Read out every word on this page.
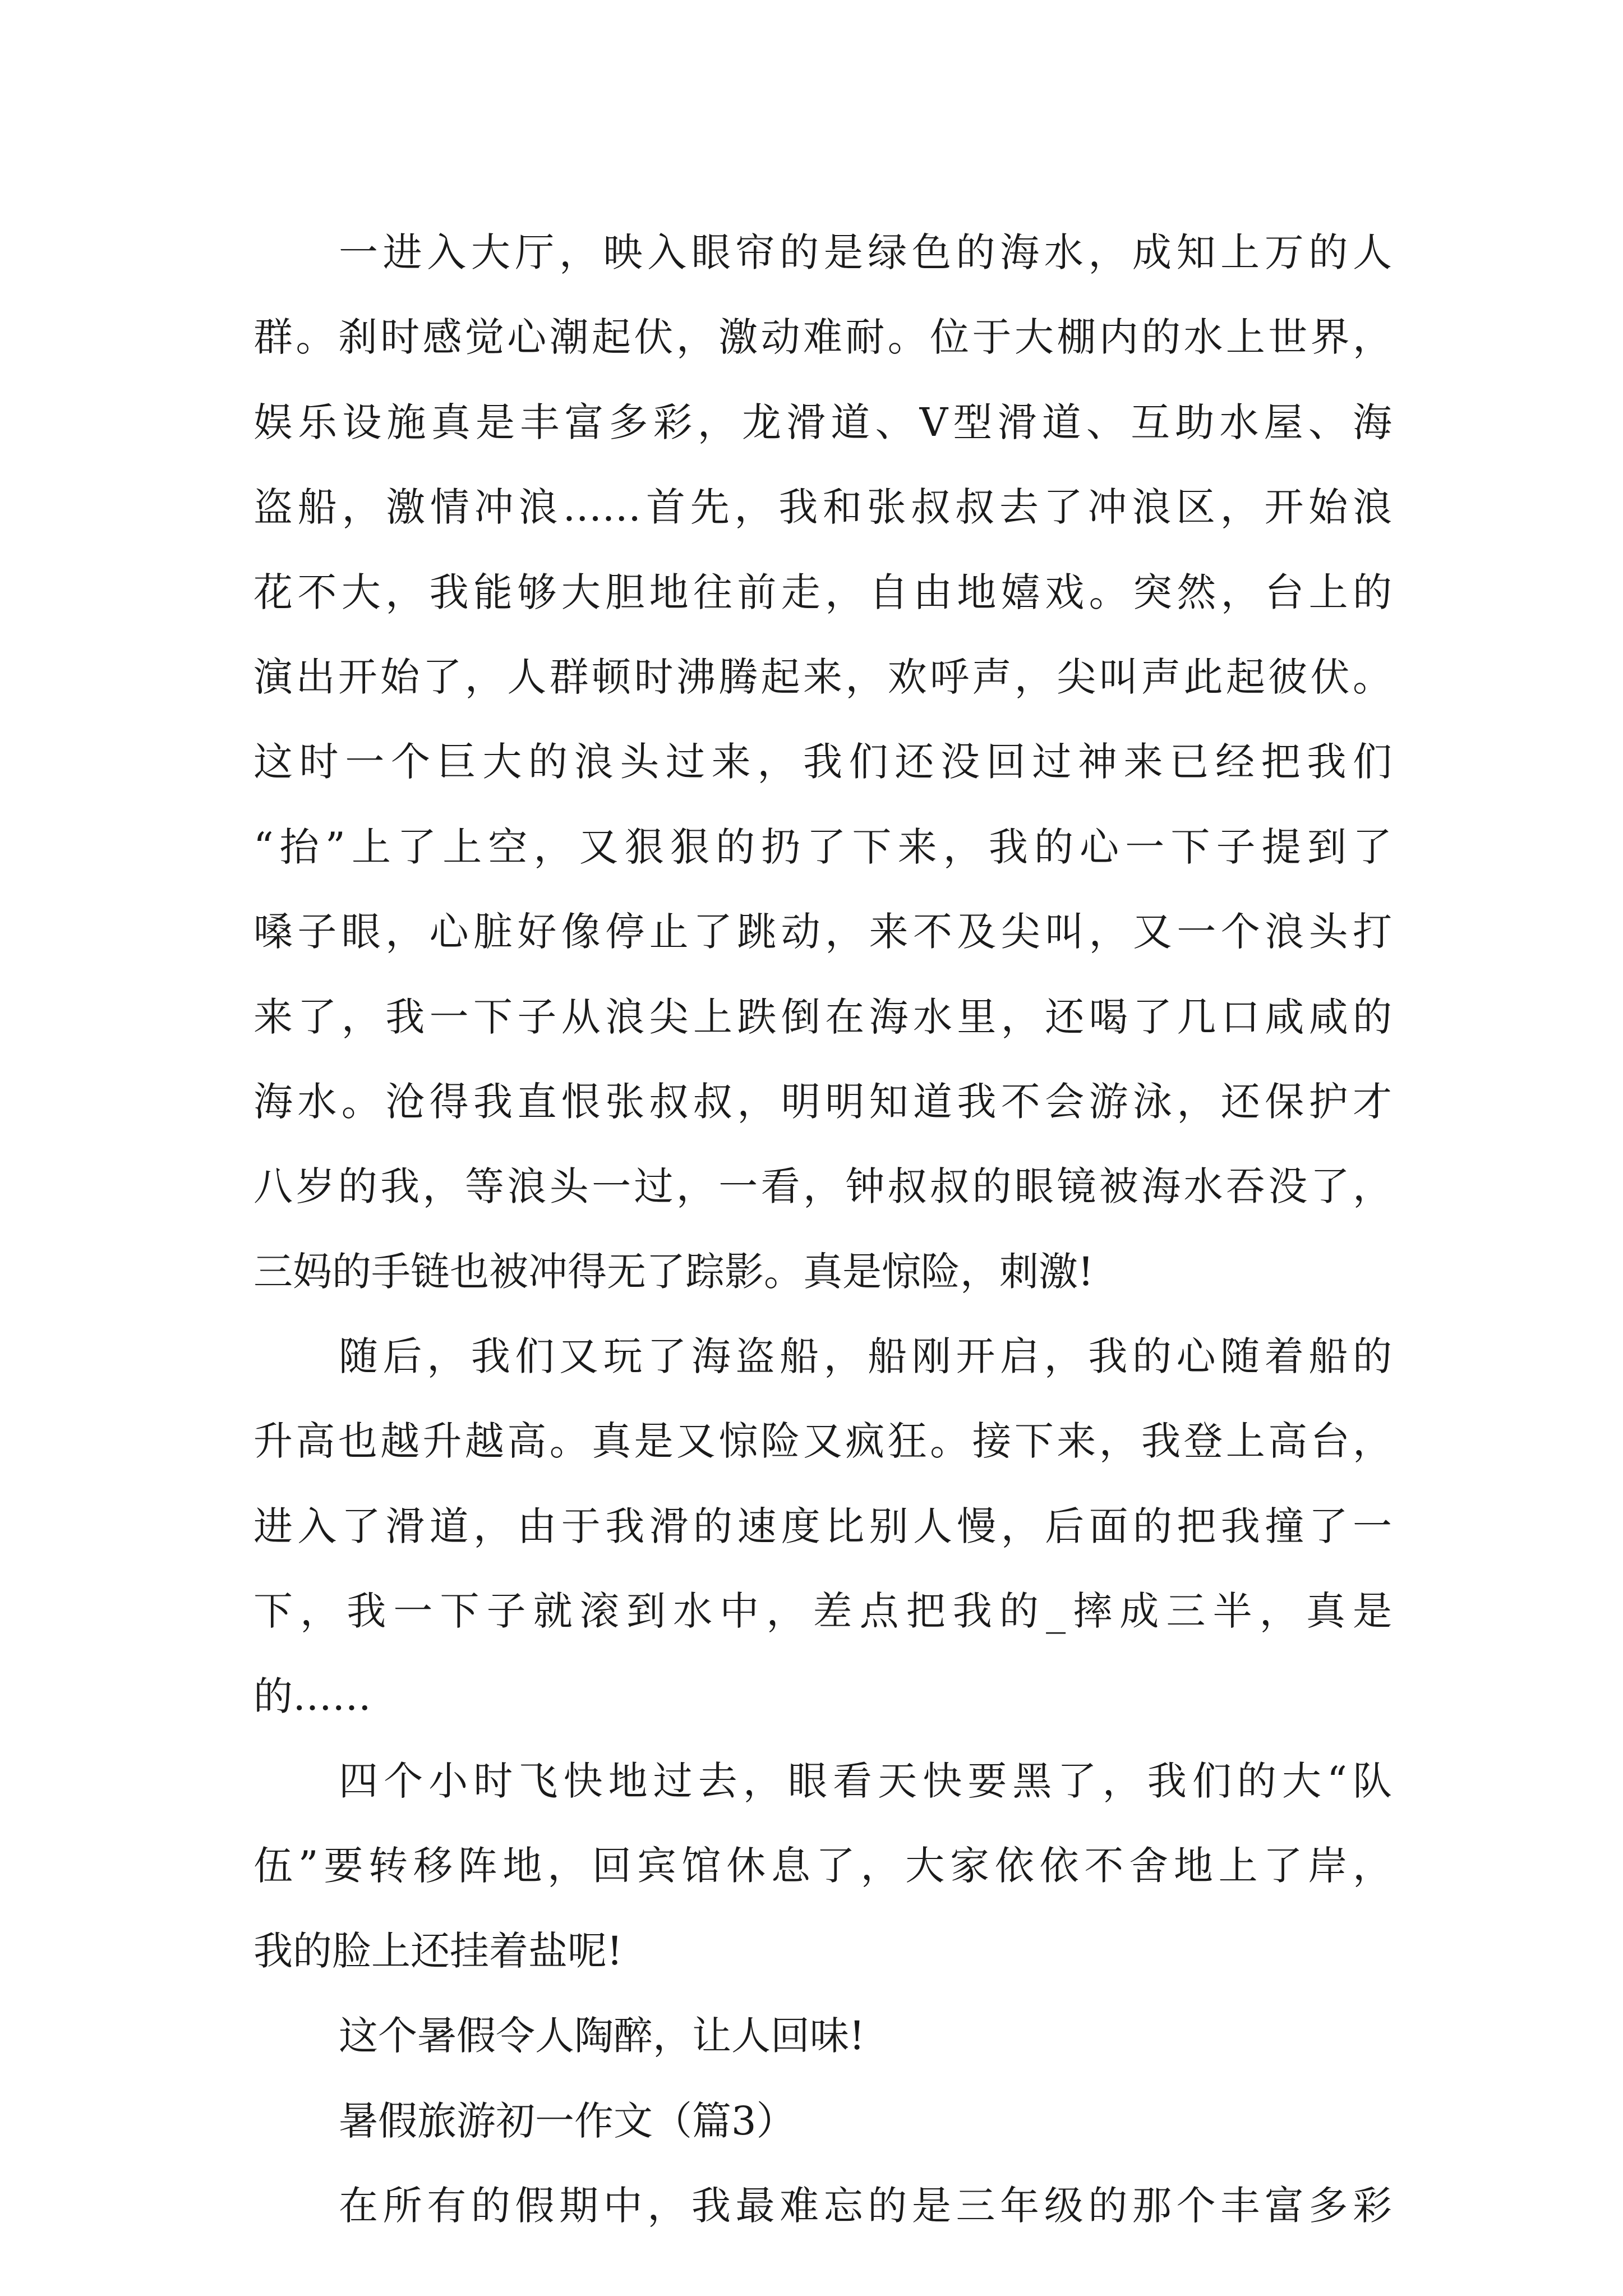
一进入大厅，映入眼帘的是绿色的海水，成知上万的人
群。刹时感觉心潮起伏，激动难耐。位于大棚内的水上世界，
娱乐设施真是丰富多彩，龙滑道、V型滑道、互助水屋、海
盗船，激情冲浪……首先，我和张叔叔去了冲浪区，开始浪
花不大，我能够大胆地往前走，自由地嬉戏。突然，台上的
演出开始了，人群顿时沸腾起来，欢呼声，尖叫声此起彼伏。
这时一个巨大的浪头过来，我们还没回过神来已经把我们
“抬”上了上空，又狠狠的扔了下来，我的心一下子提到了
嗓子眼，心脏好像停止了跳动，来不及尖叫，又一个浪头打
来了，我一下子从浪尖上跌倒在海水里，还喝了几口咸咸的
海水。沧得我直恨张叔叔，明明知道我不会游泳，还保护才
八岁的我，等浪头一过，一看，钟叔叔的眼镜被海水吞没了，
三妈的手链也被冲得无了踪影。真是惊险，刺激!
随后，我们又玩了海盗船，船刚开启，我的心随着船的
升高也越升越高。真是又惊险又疯狂。接下来，我登上高台，
进入了滑道，由于我滑的速度比别人慢，后面的把我撞了一
下，我一下子就滚到水中，差点把我的_摔成三半，真是
的……
四个小时飞快地过去，眼看天快要黑了，我们的大“队
伍”要转移阵地，回宾馆休息了，大家依依不舍地上了岸，
我的脸上还挂着盐呢!
这个暑假令人陶醉，让人回味!
暑假旅游初一作文（篇3）
在所有的假期中，我最难忘的是三年级的那个丰富多彩
